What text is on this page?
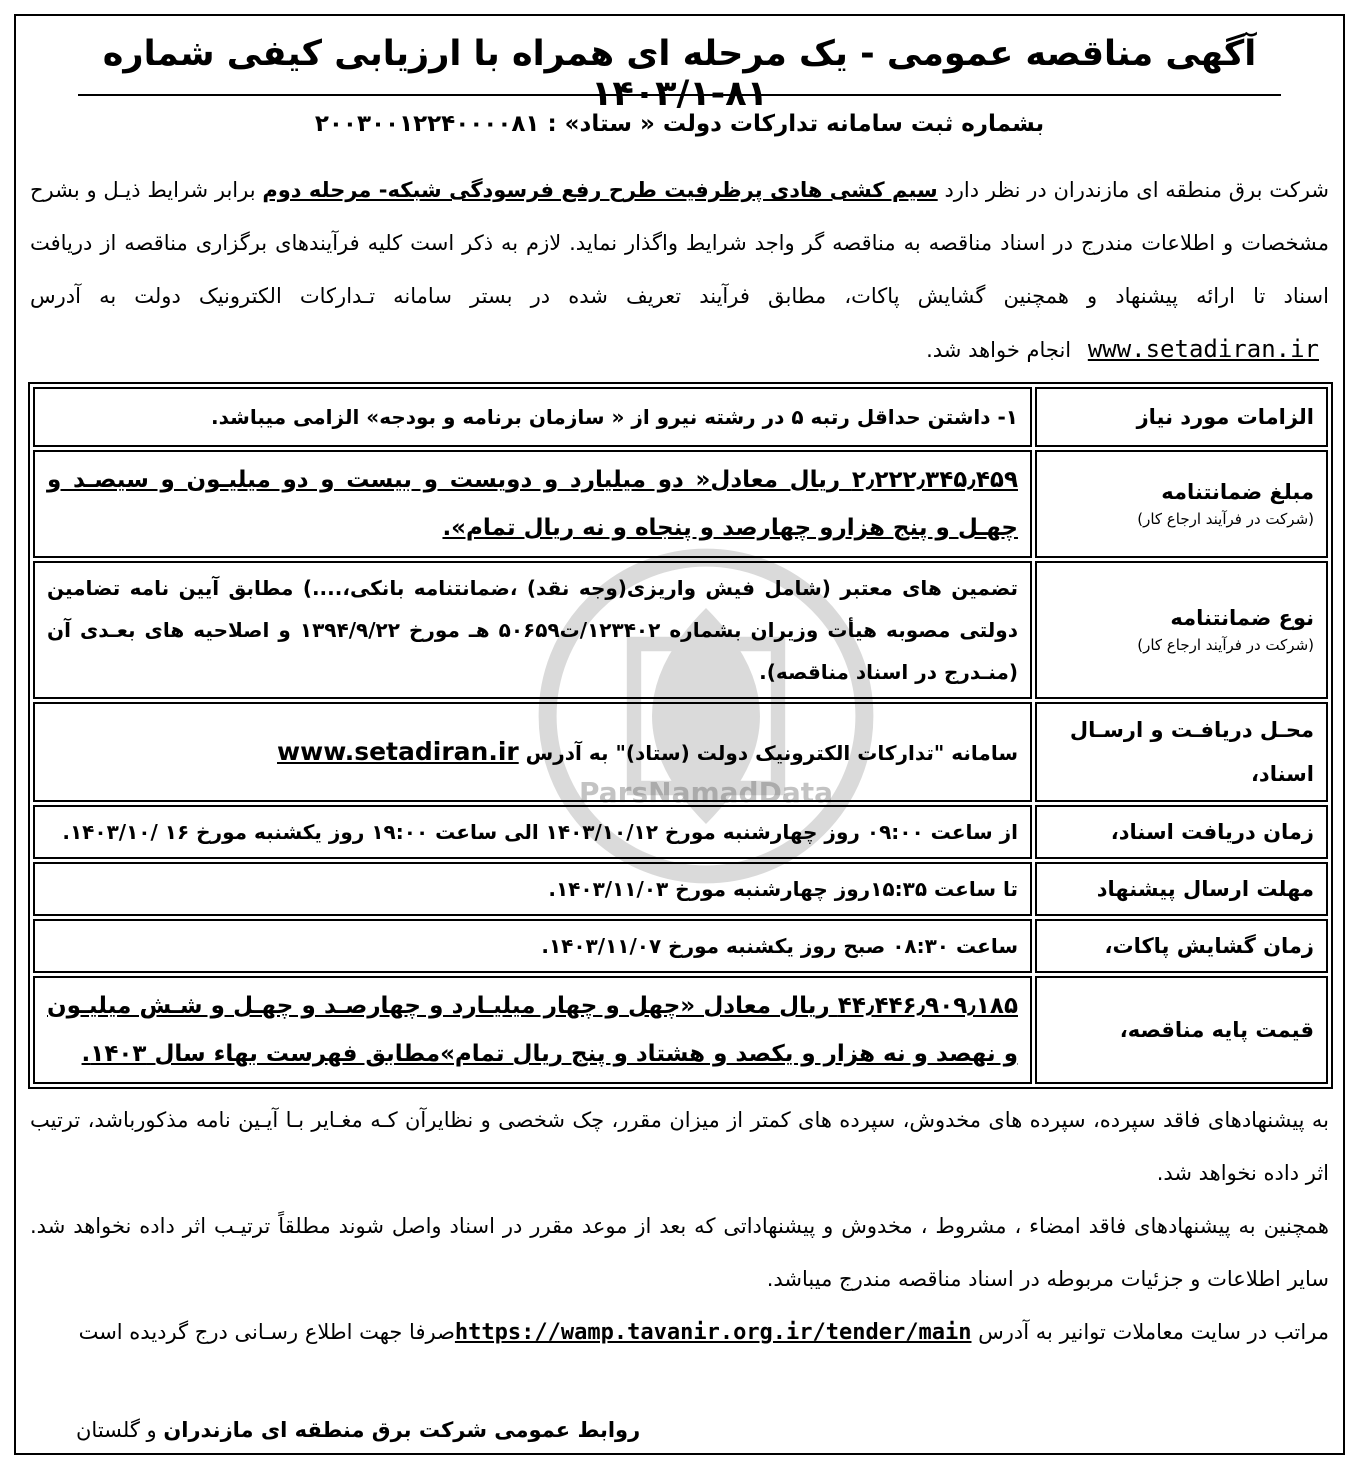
آگهی مناقصه عمومی - یک مرحله ای همراه با ارزیابی کیفی شماره ۸۱-۱۴۰۳/۱
بشماره ثبت سامانه تدارکات دولت « ستاد» : ۲۰۰۳۰۰۱۲۲۴۰۰۰۰۸۱
شرکت برق منطقه ای مازندران در نظر دارد سیم کشی هادی پرظرفیت طرح رفع فرسودگی شبکه- مرحله دوم برابر شرایط ذیـل و بشرح مشخصات و اطلاعات مندرج در اسناد مناقصه به مناقصه گر واجد شرایط واگذار نماید. لازم به ذکر است کلیه فرآیندهای برگزاری مناقصه از دریافت اسناد تا ارائه پیشنهاد و همچنین گشایش پاکات، مطابق فرآیند تعریف شده در بستر سامانه تـدارکات الکترونیک دولت به آدرس www.setadiran.ir انجام خواهد شد.
ParsNamadData
الزامات مورد نیاز	۱- داشتن حداقل رتبه ۵ در رشته نیرو از « سازمان برنامه و بودجه» الزامی میباشد.
مبلغ ضمانتنامه
(شرکت در فرآیند ارجاع کار)	۲٫۲۲۲٫۳۴۵٫۴۵۹ ریال معادل« دو میلیارد و دویست و بیست و دو میلیـون و سیصـد و چهـل و پنج هزارو چهارصد و پنجاه و نه ریال تمام».
نوع ضمانتنامه
(شرکت در فرآیند ارجاع کار)	تضمین های معتبر (شامل فیش واریزی(وجه نقد) ،ضمانتنامه بانکی،....) مطابق آیین نامه تضامین دولتی مصوبه هیأت وزیران بشماره ۱۲۳۴۰۲/ت۵۰۶۵۹ هـ مورخ ۱۳۹۴/۹/۲۲ و اصلاحیه های بعـدی آن (منـدرج در اسناد مناقصه).
محـل دریافـت و ارسـال اسناد،	سامانه "تدارکات الکترونیک دولت (ستاد)" به آدرس www.setadiran.ir
زمان دریافت اسناد،	از ساعت ۰۹:۰۰ روز چهارشنبه مورخ ۱۴۰۳/۱۰/۱۲ الی ساعت ۱۹:۰۰ روز یکشنبه مورخ ۱۶ /۱۴۰۳/۱۰.
مهلت ارسال پیشنهاد	تا ساعت ۱۵:۳۵روز چهارشنبه مورخ ۱۴۰۳/۱۱/۰۳.
زمان گشایش پاکات،	ساعت ۰۸:۳۰ صبح روز یکشنبه مورخ ۱۴۰۳/۱۱/۰۷.
قیمت پایه مناقصه،	۴۴٫۴۴۶٫۹۰۹٫۱۸۵ ریال معادل «چهل و چهار میلیـارد و چهارصـد و چهـل و شـش میلیـون و نهصد و نه هزار و یکصد و هشتاد و پنج ریال تمام»مطابق فهرست بهاء سال ۱۴۰۳.

به پیشنهادهای فاقد سپرده، سپرده های مخدوش، سپرده های کمتر از میزان مقرر، چک شخصی و نظایرآن کـه مغـایر بـا آیـین نامه مذکورباشد، ترتیب اثر داده نخواهد شد.

همچنین به پیشنهادهای فاقد امضاء ، مشروط ، مخدوش و پیشنهاداتی که بعد از موعد مقرر در اسناد واصل شوند مطلقاً ترتیـب اثر داده نخواهد شد. سایر اطلاعات و جزئیات مربوطه در اسناد مناقصه مندرج میباشد.

مراتب در سایت معاملات توانیر به آدرس https://wamp.tavanir.org.ir/tender/mainصرفا جهت اطلاع رسـانی درج گردیده است

روابط عمومی شرکت برق منطقه ای مازندران و گلستان
